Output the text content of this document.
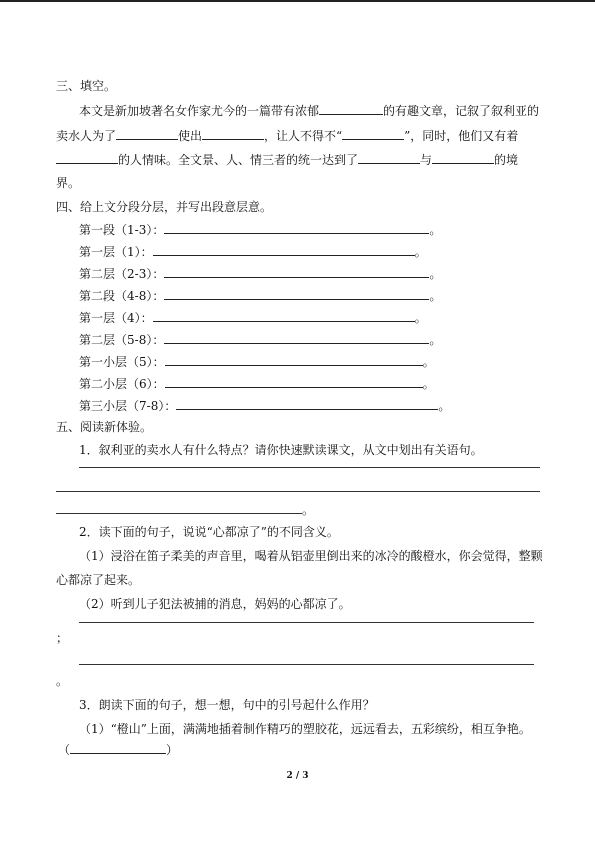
三、填空。
本文是新加坡著名女作家尤今的一篇带有浓郁	的有趣文章，记叙了叙利亚的
卖水人为了	使出	，让人不得不“	”，同时，他们又有着
的人情味。全文景、人、情三者的统一达到了	与	的境
界。
四、给上文分段分层，并写出段意层意。
第一段（1-3）：	。
第一层（1）：	。
第二层（2-3）：	。
第二段（4-8）：	。
第一层（4）：	。
第二层（5-8）：	。
第一小层（5）：	。
第二小层（6）：	。
第三小层（7-8）：	。
五、阅读新体验。
1．叙利亚的卖水人有什么特点？请你快速默读课文，从文中划出有关语句。
。
2．读下面的句子，说说“心都凉了”的不同含义。
（1）浸浴在笛子柔美的声音里，喝着从铝壶里倒出来的冰冷的酸橙水，你会觉得，整颗
心都凉了起来。
（2）听到儿子犯法被捕的消息，妈妈的心都凉了。
；
。
3．朗读下面的句子，想一想，句中的引号起什么作用？
（1）“橙山”上面，满满地插着制作精巧的塑胶花，远远看去，五彩缤纷，相互争艳。
（	）
2 / 3
